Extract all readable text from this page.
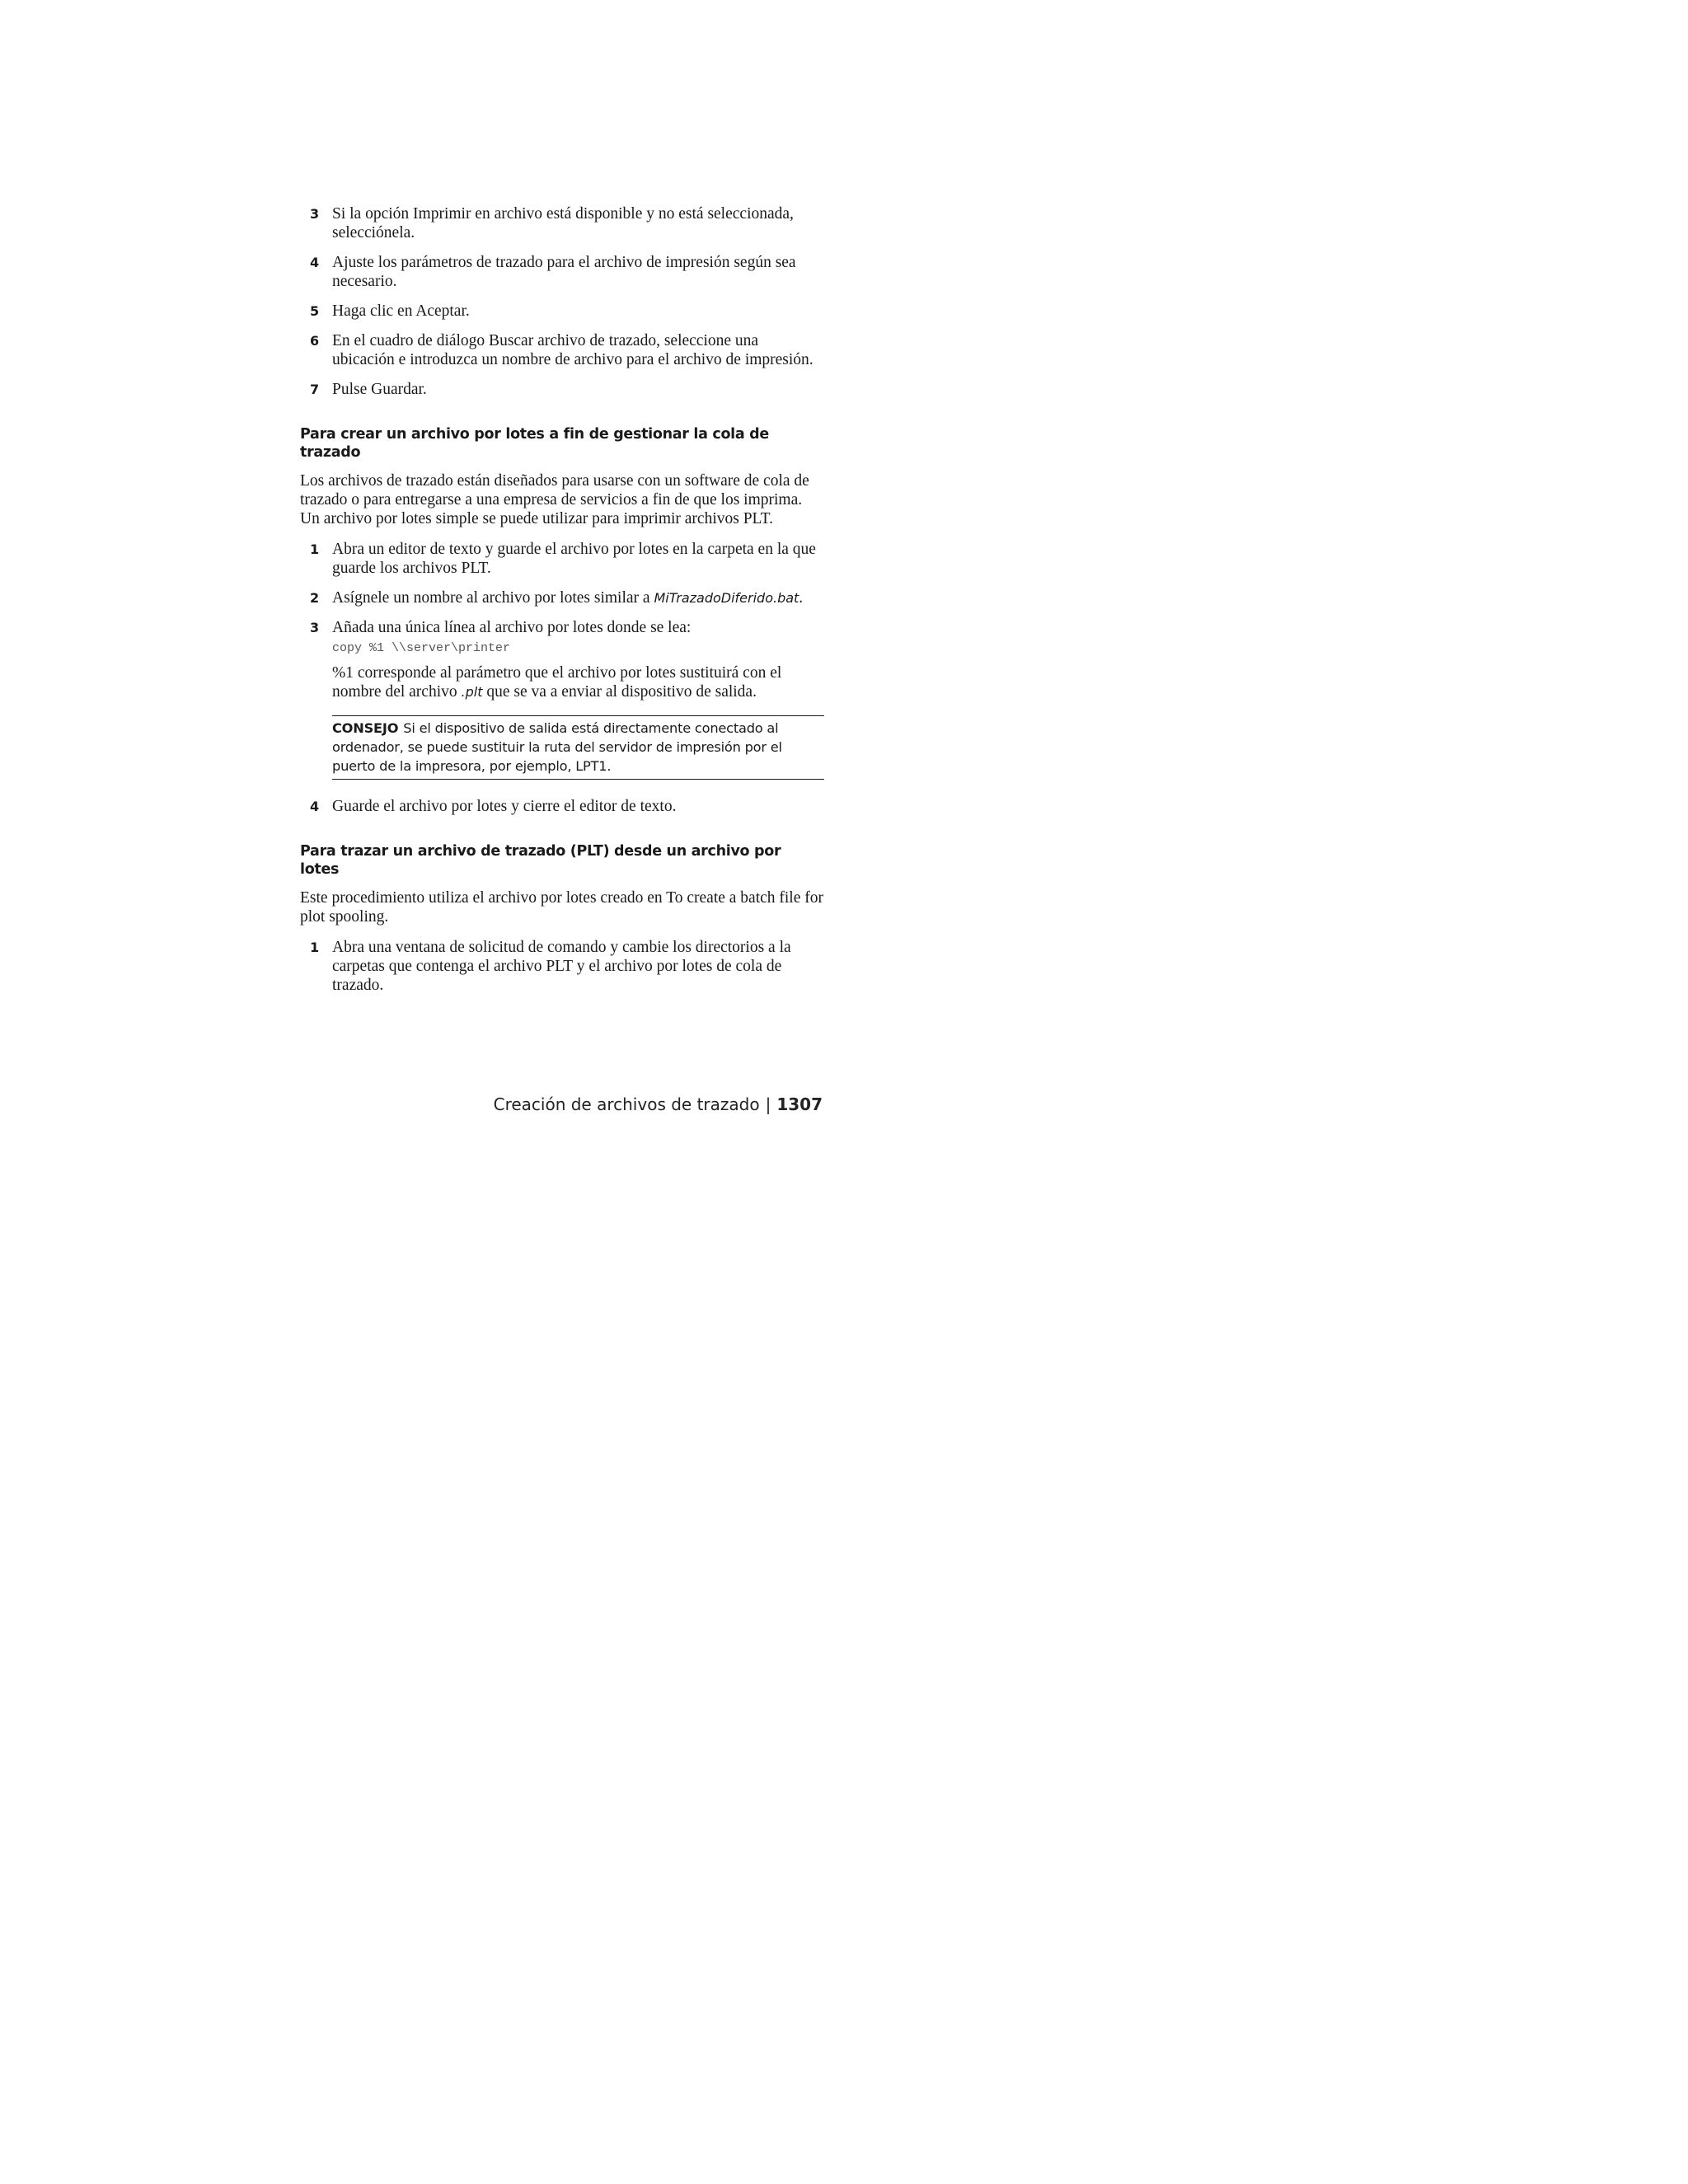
3 Si la opción Imprimir en archivo está disponible y no está seleccionada, selecciónela.
4 Ajuste los parámetros de trazado para el archivo de impresión según sea necesario.
5 Haga clic en Aceptar.
6 En el cuadro de diálogo Buscar archivo de trazado, seleccione una ubicación e introduzca un nombre de archivo para el archivo de impresión.
7 Pulse Guardar.
Para crear un archivo por lotes a fin de gestionar la cola de trazado

Los archivos de trazado están diseñados para usarse con un software de cola de trazado o para entregarse a una empresa de servicios a fin de que los imprima. Un archivo por lotes simple se puede utilizar para imprimir archivos PLT.

1 Abra un editor de texto y guarde el archivo por lotes en la carpeta en la que guarde los archivos PLT.
2 Asígnele un nombre al archivo por lotes similar a MiTrazadoDiferido.bat.
3 Añada una única línea al archivo por lotes donde se lea:
copy %1 \\server\printer
%1 corresponde al parámetro que el archivo por lotes sustituirá con el nombre del archivo .plt que se va a enviar al dispositivo de salida.
CONSEJO Si el dispositivo de salida está directamente conectado al ordenador, se puede sustituir la ruta del servidor de impresión por el puerto de la impresora, por ejemplo, LPT1.
4 Guarde el archivo por lotes y cierre el editor de texto.
Para trazar un archivo de trazado (PLT) desde un archivo por lotes

Este procedimiento utiliza el archivo por lotes creado en To create a batch file for plot spooling.

1 Abra una ventana de solicitud de comando y cambie los directorios a la carpetas que contenga el archivo PLT y el archivo por lotes de cola de trazado.
Creación de archivos de trazado | 1307
